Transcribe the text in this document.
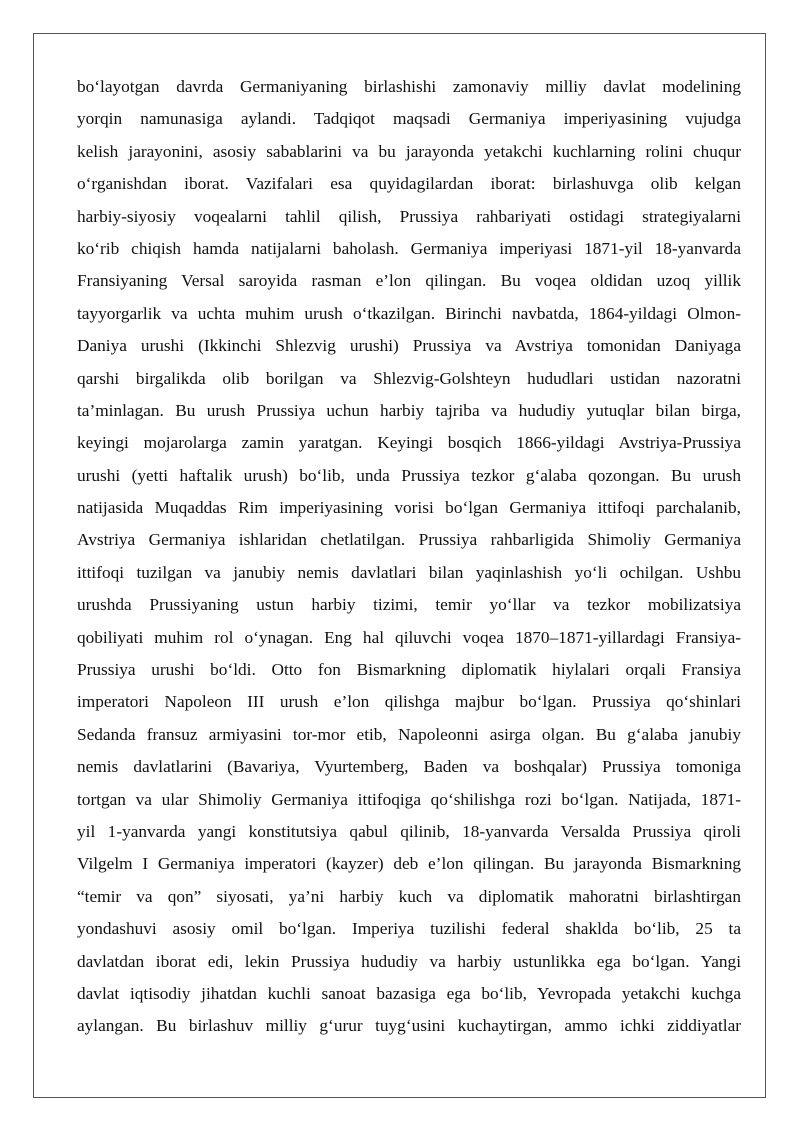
bo‘layotgan davrda Germaniyaning birlashishi zamonaviy milliy davlat modelining
yorqin namunasiga aylandi. Tadqiqot maqsadi Germaniya imperiyasining vujudga
kelish jarayonini, asosiy sabablarini va bu jarayonda yetakchi kuchlarning rolini chuqur
o‘rganishdan iborat. Vazifalari esa quyidagilardan iborat: birlashuvga olib kelgan
harbiy-siyosiy voqealarni tahlil qilish, Prussiya rahbariyati ostidagi strategiyalarni
ko‘rib chiqish hamda natijalarni baholash. Germaniya imperiyasi 1871-yil 18-yanvarda
Fransiyaning Versal saroyida rasman e’lon qilingan. Bu voqea oldidan uzoq yillik
tayyorgarlik va uchta muhim urush o‘tkazilgan. Birinchi navbatda, 1864-yildagi Olmon-
Daniya urushi (Ikkinchi Shlezvig urushi) Prussiya va Avstriya tomonidan Daniyaga
qarshi birgalikda olib borilgan va Shlezvig-Golshteyn hududlari ustidan nazoratni
ta’minlagan. Bu urush Prussiya uchun harbiy tajriba va hududiy yutuqlar bilan birga,
keyingi mojarolarga zamin yaratgan. Keyingi bosqich 1866-yildagi Avstriya-Prussiya
urushi (yetti haftalik urush) bo‘lib, unda Prussiya tezkor g‘alaba qozongan. Bu urush
natijasida Muqaddas Rim imperiyasining vorisi bo‘lgan Germaniya ittifoqi parchalanib,
Avstriya Germaniya ishlaridan chetlatilgan. Prussiya rahbarligida Shimoliy Germaniya
ittifoqi tuzilgan va janubiy nemis davlatlari bilan yaqinlashish yo‘li ochilgan. Ushbu
urushda Prussiyaning ustun harbiy tizimi, temir yo‘llar va tezkor mobilizatsiya
qobiliyati muhim rol o‘ynagan. Eng hal qiluvchi voqea 1870–1871-yillardagi Fransiya-
Prussiya urushi bo‘ldi. Otto fon Bismarkning diplomatik hiylalari orqali Fransiya
imperatori Napoleon III urush e’lon qilishga majbur bo‘lgan. Prussiya qo‘shinlari
Sedanda fransuz armiyasini tor-mor etib, Napoleonni asirga olgan. Bu g‘alaba janubiy
nemis davlatlarini (Bavariya, Vyurtemberg, Baden va boshqalar) Prussiya tomoniga
tortgan va ular Shimoliy Germaniya ittifoqiga qo‘shilishga rozi bo‘lgan. Natijada, 1871-
yil 1-yanvarda yangi konstitutsiya qabul qilinib, 18-yanvarda Versalda Prussiya qiroli
Vilgelm I Germaniya imperatori (kayzer) deb e’lon qilingan. Bu jarayonda Bismarkning
“temir va qon” siyosati, ya’ni harbiy kuch va diplomatik mahoratni birlashtirgan
yondashuvi asosiy omil bo‘lgan. Imperiya tuzilishi federal shaklda bo‘lib, 25 ta
davlatdan iborat edi, lekin Prussiya hududiy va harbiy ustunlikka ega bo‘lgan. Yangi
davlat iqtisodiy jihatdan kuchli sanoat bazasiga ega bo‘lib, Yevropada yetakchi kuchga
aylangan. Bu birlashuv milliy g‘urur tuyg‘usini kuchaytirgan, ammo ichki ziddiyatlar
